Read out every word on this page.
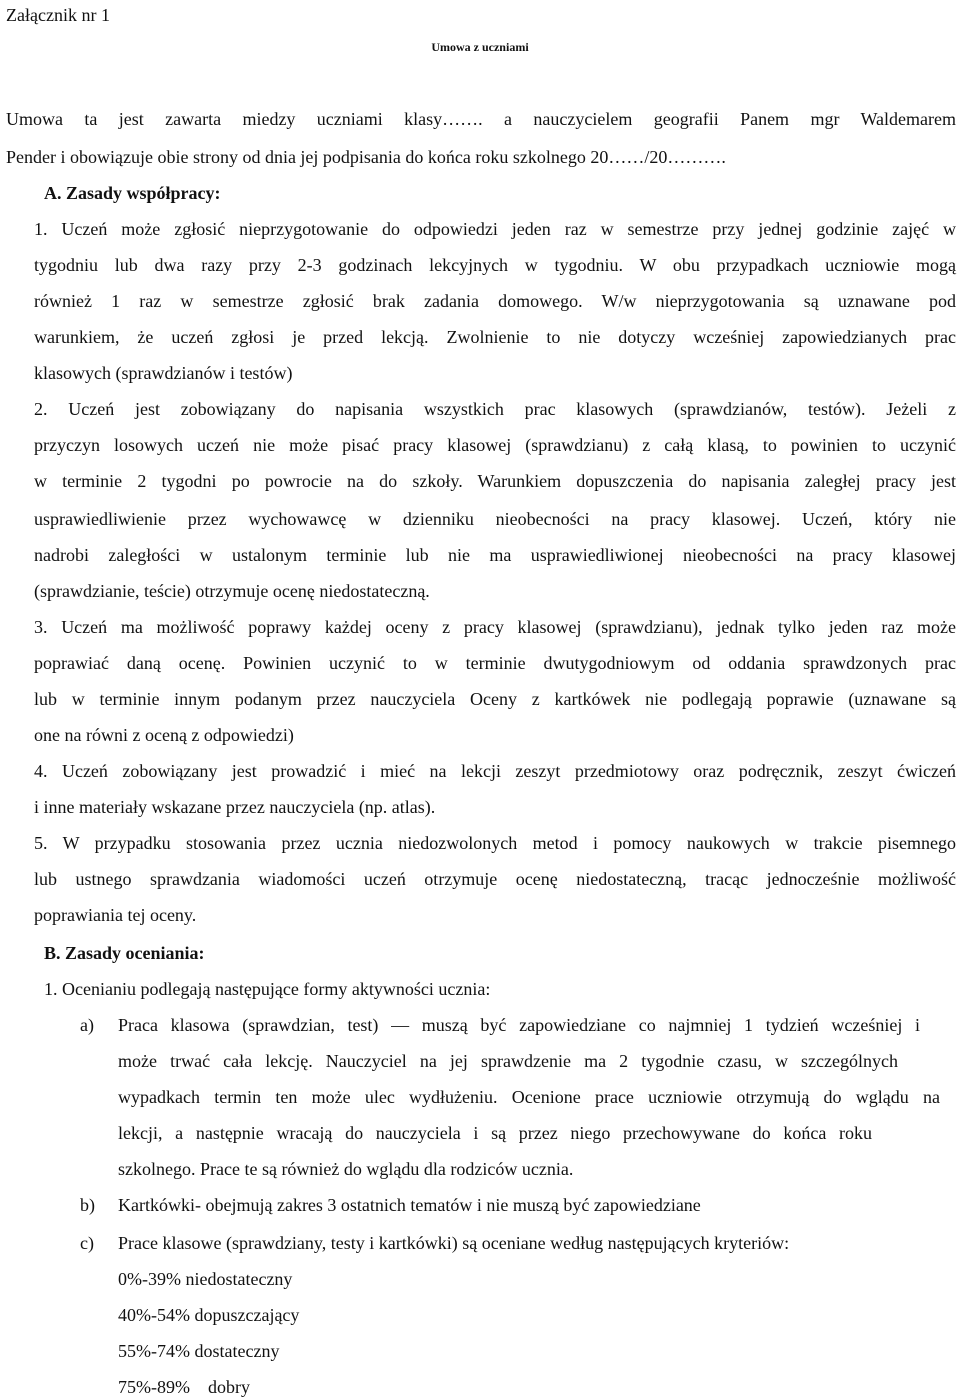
Załącznik nr 1
Umowa z uczniami
Umowa ta jest zawarta miedzy uczniami klasy……. a nauczycielem geografii Panem mgr Waldemarem
Pender i obowiązuje obie strony od dnia jej podpisania do końca roku szkolnego 20……/20……….
A. Zasady współpracy:
1. Uczeń może zgłosić nieprzygotowanie do odpowiedzi jeden raz w semestrze przy jednej godzinie zajęć w
tygodniu lub dwa razy przy 2-3 godzinach lekcyjnych w tygodniu. W obu przypadkach uczniowie mogą
również 1 raz w semestrze zgłosić brak zadania domowego. W/w nieprzygotowania są uznawane pod
warunkiem, że uczeń zgłosi je przed lekcją. Zwolnienie to nie dotyczy wcześniej zapowiedzianych prac
klasowych (sprawdzianów i testów)
2. Uczeń jest zobowiązany do napisania wszystkich prac klasowych (sprawdzianów, testów). Jeżeli z
przyczyn losowych uczeń nie może pisać pracy klasowej (sprawdzianu) z całą klasą, to powinien to uczynić
w terminie 2 tygodni po powrocie na do szkoły. Warunkiem dopuszczenia do napisania zaległej pracy jest
usprawiedliwienie przez wychowawcę w dzienniku nieobecności na pracy klasowej. Uczeń, który nie
nadrobi zaległości w ustalonym terminie lub nie ma usprawiedliwionej nieobecności na pracy klasowej
(sprawdzianie, teście) otrzymuje ocenę niedostateczną.
3. Uczeń ma możliwość poprawy każdej oceny z pracy klasowej (sprawdzianu), jednak tylko jeden raz może
poprawiać daną ocenę. Powinien uczynić to w terminie dwutygodniowym od oddania sprawdzonych prac
lub w terminie innym podanym przez nauczyciela Oceny z kartkówek nie podlegają poprawie (uznawane są
one na równi z oceną z odpowiedzi)
4. Uczeń zobowiązany jest prowadzić i mieć na lekcji zeszyt przedmiotowy oraz podręcznik, zeszyt ćwiczeń
i inne materiały wskazane przez nauczyciela (np. atlas).
5. W przypadku stosowania przez ucznia niedozwolonych metod i pomocy naukowych w trakcie pisemnego
lub ustnego sprawdzania wiadomości uczeń otrzymuje ocenę niedostateczną, tracąc jednocześnie możliwość
poprawiania tej oceny.
B. Zasady oceniania:
1. Ocenianiu podlegają następujące formy aktywności ucznia:
a) Praca klasowa (sprawdzian, test) — muszą być zapowiedziane co najmniej 1 tydzień wcześniej i
może trwać cała lekcję. Nauczyciel na jej sprawdzenie ma 2 tygodnie czasu, w szczególnych
wypadkach termin ten może ulec wydłużeniu. Ocenione prace uczniowie otrzymują do wglądu na
lekcji, a następnie wracają do nauczyciela i są przez niego przechowywane do końca roku
szkolnego. Prace te są również do wglądu dla rodziców ucznia.
b) Kartkówki- obejmują zakres 3 ostatnich tematów i nie muszą być zapowiedziane
c) Prace klasowe (sprawdziany, testy i kartkówki) są oceniane według następujących kryteriów:
0%-39% niedostateczny
40%-54% dopuszczający
55%-74% dostateczny
75%-89%    dobry
